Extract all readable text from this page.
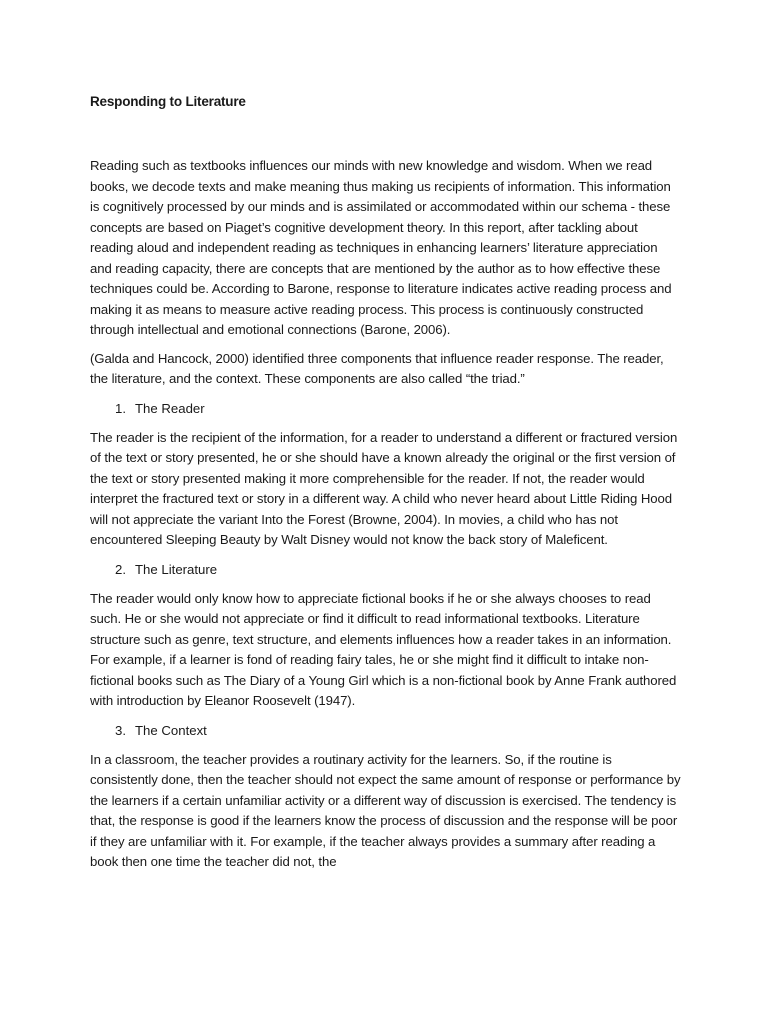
Responding to Literature

Reading such as textbooks influences our minds with new knowledge and wisdom. When we read books, we decode texts and make meaning thus making us recipients of information. This information is cognitively processed by our minds and is assimilated or accommodated within our schema - these concepts are based on Piaget’s cognitive development theory. In this report, after tackling about reading aloud and independent reading as techniques in enhancing learners’ literature appreciation and reading capacity, there are concepts that are mentioned by the author as to how effective these techniques could be. According to Barone, response to literature indicates active reading process and making it as means to measure active reading process. This process is continuously constructed through intellectual and emotional connections (Barone, 2006).

(Galda and Hancock, 2000) identified three components that influence reader response. The reader, the literature, and the context. These components are also called “the triad.”

1. The Reader

The reader is the recipient of the information, for a reader to understand a different or fractured version of the text or story presented, he or she should have a known already the original or the first version of the text or story presented making it more comprehensible for the reader. If not, the reader would interpret the fractured text or story in a different way. A child who never heard about Little Riding Hood will not appreciate the variant Into the Forest (Browne, 2004). In movies, a child who has not encountered Sleeping Beauty by Walt Disney would not know the back story of Maleficent.

2. The Literature

The reader would only know how to appreciate fictional books if he or she always chooses to read such. He or she would not appreciate or find it difficult to read informational textbooks. Literature structure such as genre, text structure, and elements influences how a reader takes in an information. For example, if a learner is fond of reading fairy tales, he or she might find it difficult to intake non-fictional books such as The Diary of a Young Girl which is a non-fictional book by Anne Frank authored with introduction by Eleanor Roosevelt (1947).

3. The Context

In a classroom, the teacher provides a routinary activity for the learners. So, if the routine is consistently done, then the teacher should not expect the same amount of response or performance by the learners if a certain unfamiliar activity or a different way of discussion is exercised. The tendency is that, the response is good if the learners know the process of discussion and the response will be poor if they are unfamiliar with it. For example, if the teacher always provides a summary after reading a book then one time the teacher did not, the
